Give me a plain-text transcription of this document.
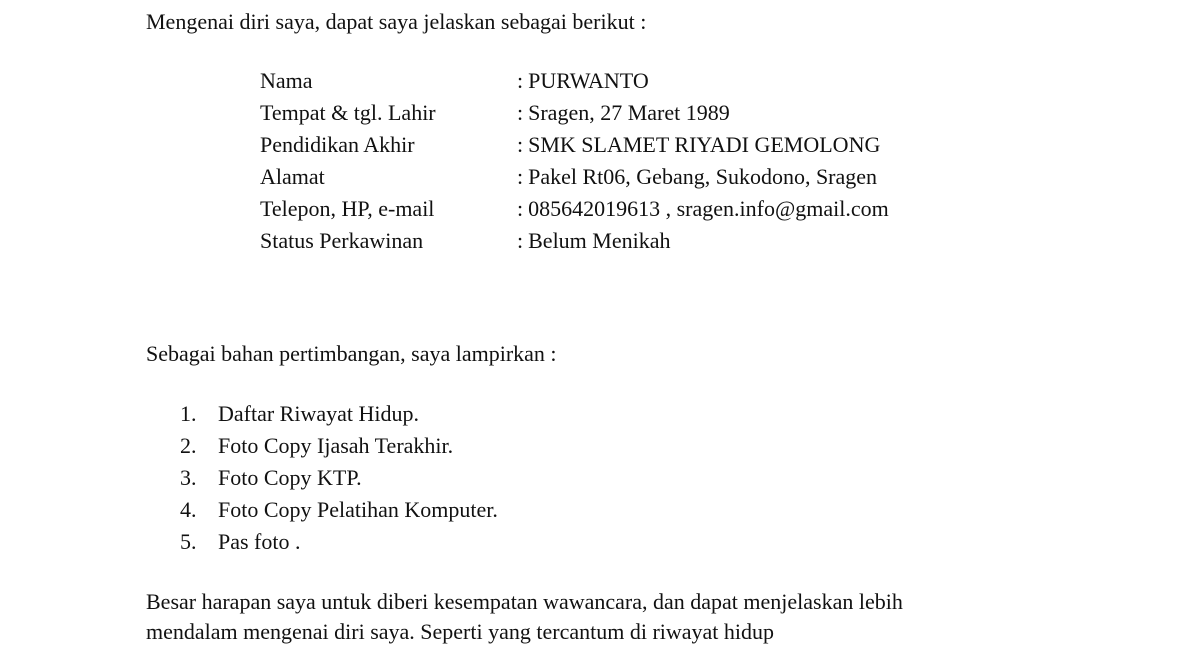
Mengenai diri saya, dapat saya jelaskan sebagai berikut :
Nama	: PURWANTO
Tempat & tgl. Lahir	: Sragen, 27 Maret 1989
Pendidikan Akhir	: SMK SLAMET RIYADI GEMOLONG
Alamat	: Pakel Rt06, Gebang, Sukodono, Sragen
Telepon, HP, e-mail	: 085642019613 , sragen.info@gmail.com
Status Perkawinan	: Belum Menikah
Sebagai bahan pertimbangan, saya lampirkan :
1. Daftar Riwayat Hidup.
2. Foto Copy Ijasah Terakhir.
3. Foto Copy KTP.
4. Foto Copy Pelatihan Komputer.
5. Pas foto .
Besar harapan saya untuk diberi kesempatan wawancara, dan dapat menjelaskan lebih
mendalam mengenai diri saya. Seperti yang tercantum di riwayat hidup
